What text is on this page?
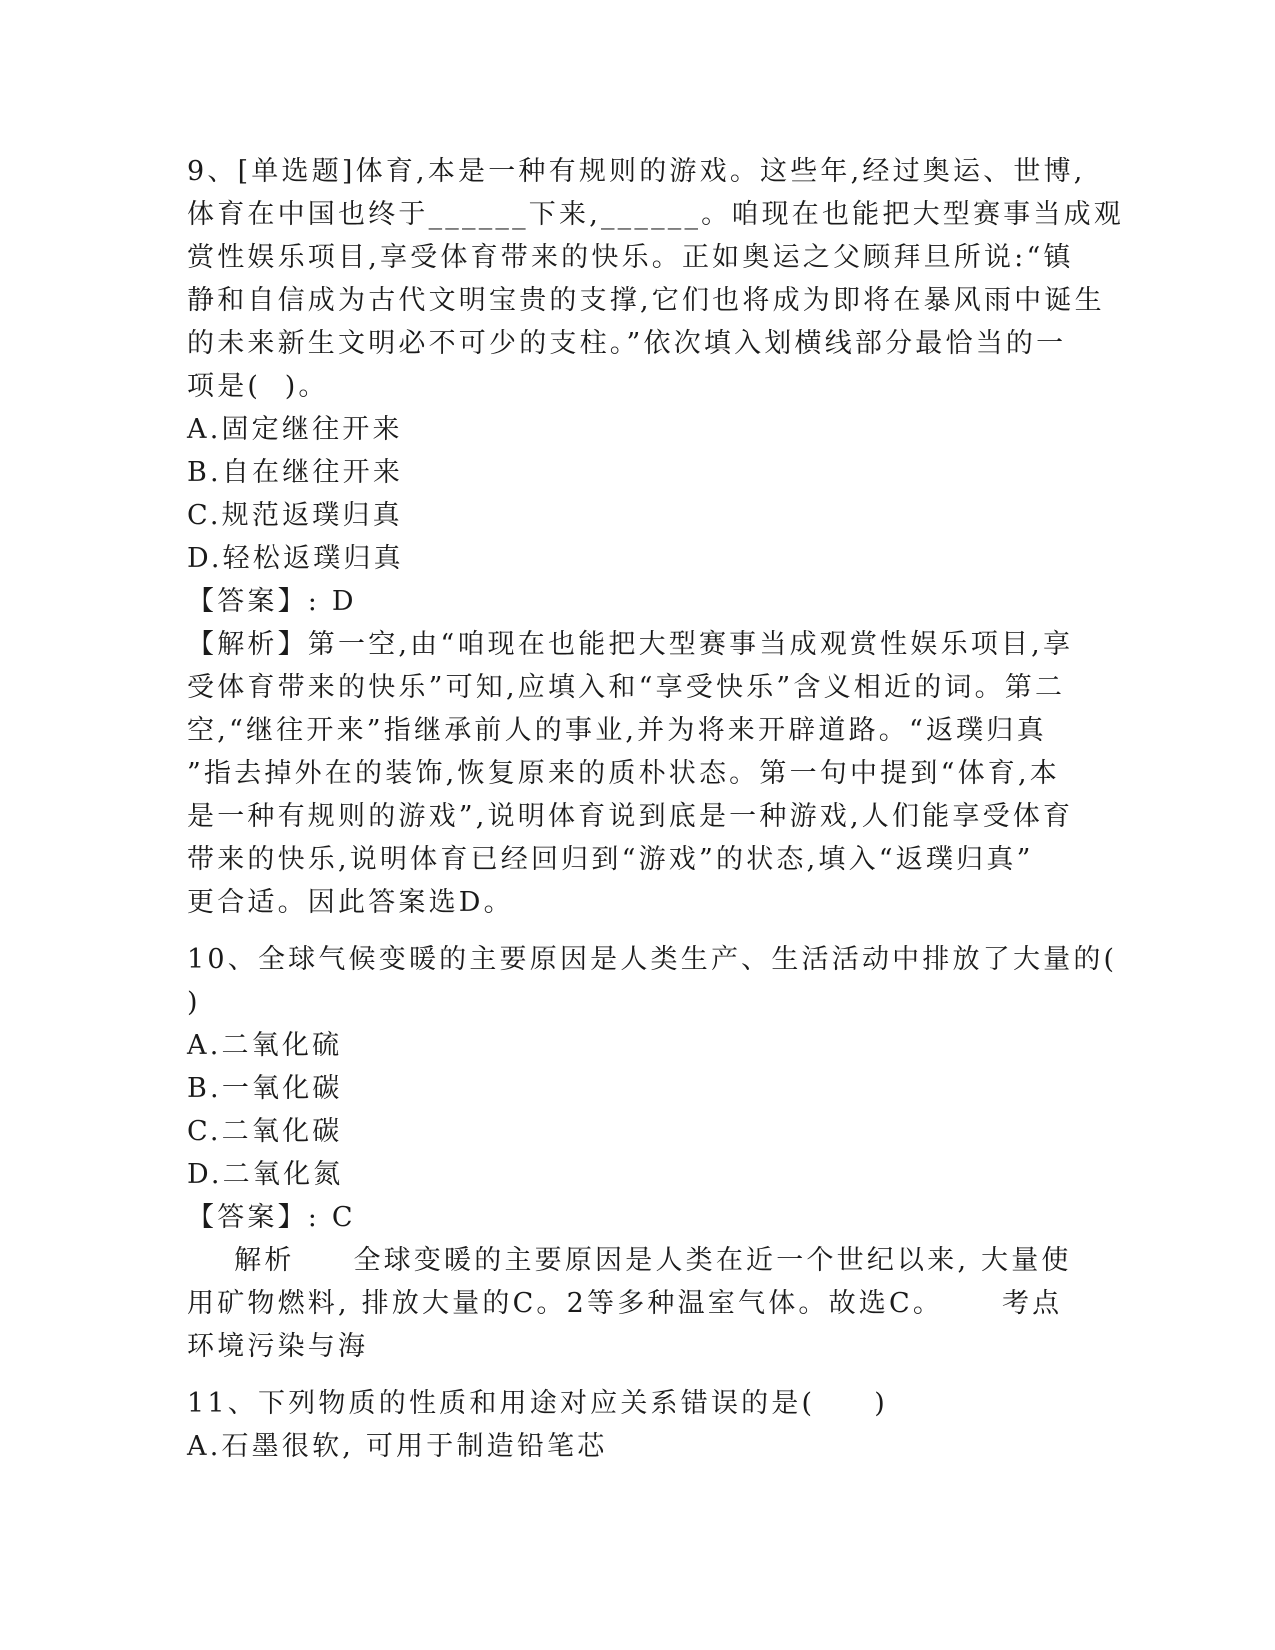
9、[单选题]体育,本是一种有规则的游戏。这些年,经过奥运、世博,
体育在中国也终于______下来,______。咱现在也能把大型赛事当成观
赏性娱乐项目,享受体育带来的快乐。正如奥运之父顾拜旦所说:“镇
静和自信成为古代文明宝贵的支撑,它们也将成为即将在暴风雨中诞生
的未来新生文明必不可少的支柱。”依次填入划横线部分最恰当的一
项是(  )。
A.固定继往开来
B.自在继往开来
C.规范返璞归真
D.轻松返璞归真
【答案】: D
【解析】第一空,由“咱现在也能把大型赛事当成观赏性娱乐项目,享
受体育带来的快乐”可知,应填入和“享受快乐”含义相近的词。第二
空,“继往开来”指继承前人的事业,并为将来开辟道路。“返璞归真
”指去掉外在的装饰,恢复原来的质朴状态。第一句中提到“体育,本
是一种有规则的游戏”,说明体育说到底是一种游戏,人们能享受体育
带来的快乐,说明体育已经回归到“游戏”的状态,填入“返璞归真”
更合适。因此答案选D。
10、全球气候变暖的主要原因是人类生产、生活活动中排放了大量的(
)
A.二氧化硫
B.一氧化碳
C.二氧化碳
D.二氧化氮
【答案】: C
解析     全球变暖的主要原因是人类在近一个世纪以来, 大量使
用矿物燃料, 排放大量的C。2等多种温室气体。故选C。     考点
环境污染与海
11、下列物质的性质和用途对应关系错误的是(     )
A.石墨很软, 可用于制造铅笔芯
